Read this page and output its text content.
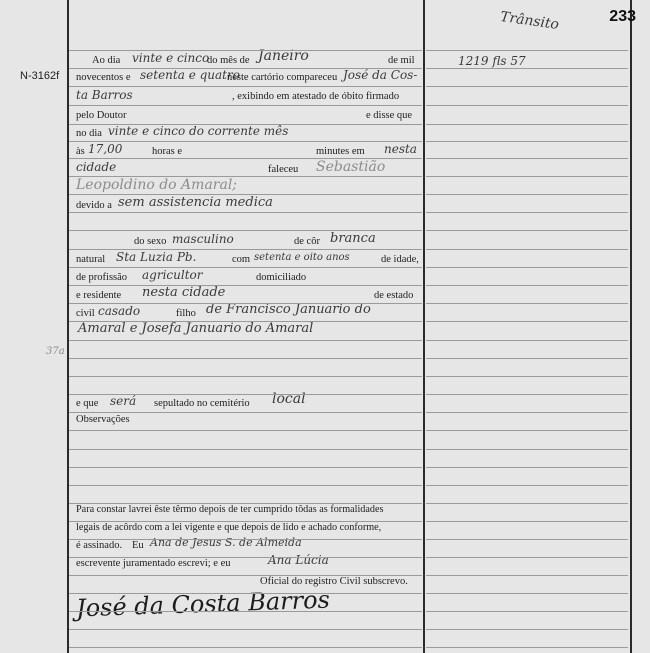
233
Trânsito
1219 fls 57
N-3162f
37a
Ao dia vinte e cinco
do mês de Janeiro	de mil
novecentos e setenta e quatro
neste cartório compareceu José da Cos-
ta Barros	, exibindo em atestado de óbito firmado
pelo Doutor	e disse que
no dia vinte e cinco do corrente mês
às 17,00	horas e	minutes em nesta
cidade	faleceu Sebastião
Leopoldino do Amaral;
devido a sem assistencia medica
do sexo masculino	de côr branca
natural Sta Luzia Pb.	com setenta e oito anos	de idade,
de profissão agricultor	domiciliado
e residente nesta cidade	de estado
civil casado	filho de Francisco Januario do
Amaral e Josefa Januario do Amaral
e que será sepultado no cemitério local
Observações
Para constar lavrei êste têrmo depois de ter cumprido tôdas as formalidades
legais de acôrdo com a lei vigente e que depois de lido e achado conforme,
é assinado. Eu Ana de Jesus S. de Almeida
escrevente juramentado escrevi; e eu	Ana Lúcia
Oficial do registro Civil subscrevo.
José da Costa Barros
